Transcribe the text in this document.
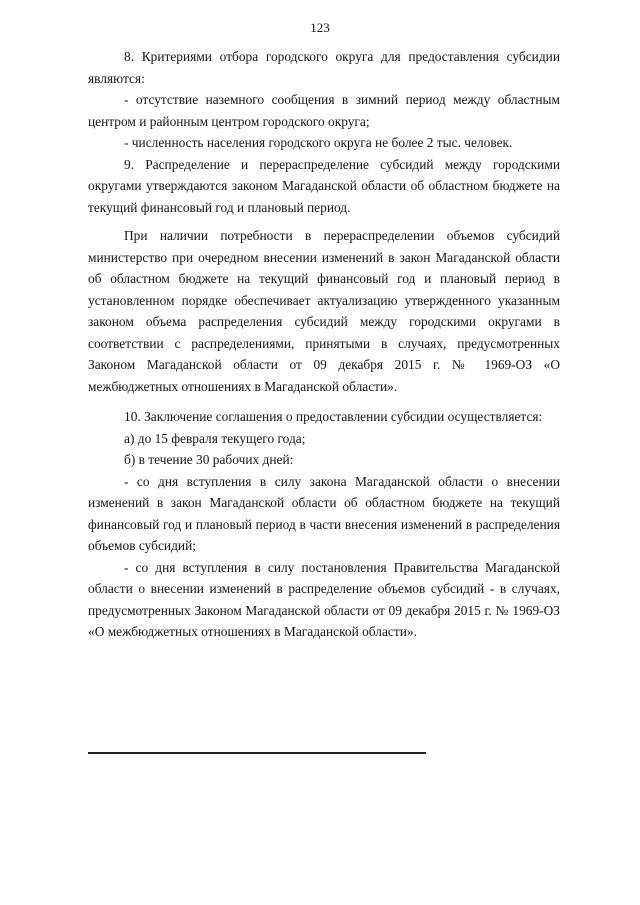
123

8. Критериями отбора городского округа для предоставления субсидии являются:

- отсутствие наземного сообщения в зимний период между областным центром и районным центром городского округа;

- численность населения городского округа не более 2 тыс. человек.

9. Распределение и перераспределение субсидий между городскими округами утверждаются законом Магаданской области об областном бюджете на текущий финансовый год и плановый период.

При наличии потребности в перераспределении объемов субсидий министерство при очередном внесении изменений в закон Магаданской области об областном бюджете на текущий финансовый год и плановый период в установленном порядке обеспечивает актуализацию утвержденного указанным законом объема распределения субсидий между городскими округами в соответствии с распределениями, принятыми в случаях, предусмотренных Законом Магаданской области от 09 декабря 2015 г. № 1969-ОЗ «О межбюджетных отношениях в Магаданской области».

10. Заключение соглашения о предоставлении субсидии осуществляется:

а) до 15 февраля текущего года;

б) в течение 30 рабочих дней:

- со дня вступления в силу закона Магаданской области о внесении изменений в закон Магаданской области об областном бюджете на текущий финансовый год и плановый период в части внесения изменений в распределения объемов субсидий;

- со дня вступления в силу постановления Правительства Магаданской области о внесении изменений в распределение объемов субсидий - в случаях, предусмотренных Законом Магаданской области от 09 декабря 2015 г. № 1969-ОЗ «О межбюджетных отношениях в Магаданской области».
